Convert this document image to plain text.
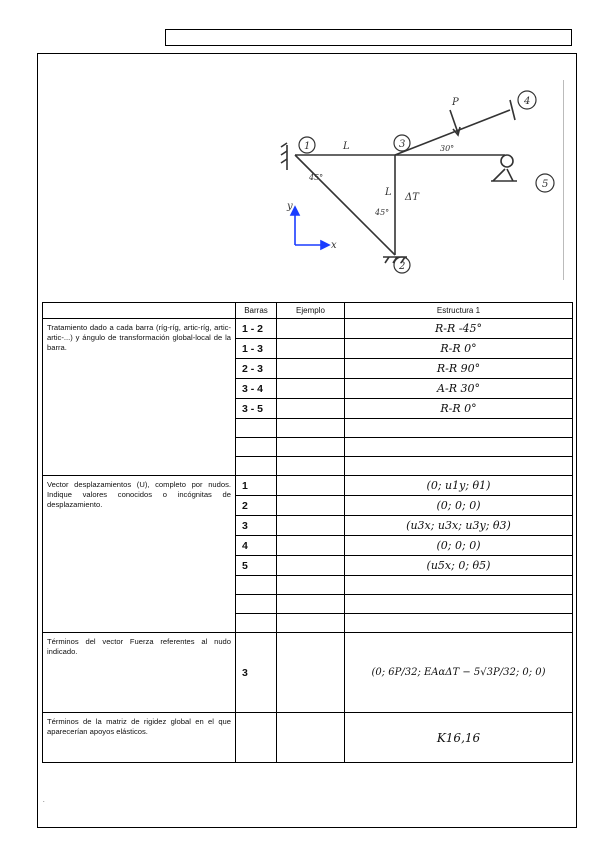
1	3
4
5
2
L
L ΔT
P
30°
45°
45°
y
x
	Barras	Ejemplo	Estructura 1
Tratamiento dado a cada barra (ríg-ríg, artic-ríg, artic-artic-...) y ángulo de transformación global-local de la barra.	1 - 2		R-R -45°
	1 - 3		R-R 0°
	2 - 3		R-R 90°
	3 - 4		A-R 30°
	3 - 5		R-R 0°

Vector desplazamientos (U), completo por nudos. Indique valores conocidos o incógnitas de desplazamiento.	1		(0; u1y; θ1)
	2		(0; 0; 0)
	3		(u3x; u3x; u3y; θ3)
	4		(0; 0; 0)
	5		(u5x; 0; θ5)

Términos del vector Fuerza referentes al nudo indicado.	3		(0; 6P/32; EAαΔT − 5√3P/32; 0; 0)
Términos de la matriz de rigidez global en el que aparecerían apoyos elásticos.			K16,16
.
